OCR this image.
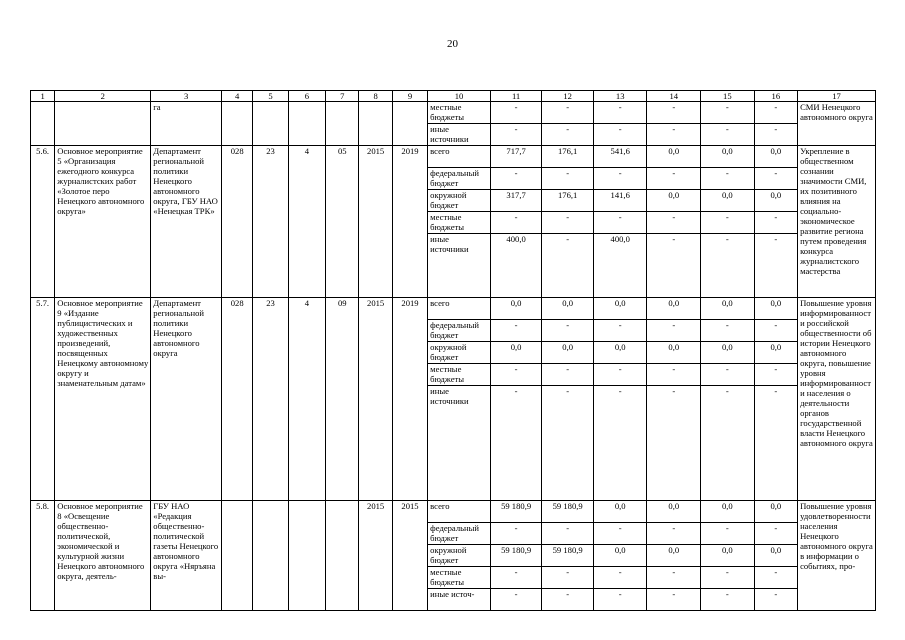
20
1	2	3	4	5	6	7	8	9	10	11	12	13	14	15	16	17
		га							местные бюджеты	-	-	-	-	-	-	СМИ Ненецкого автономного округа
									иные источники	-	-	-	-	-	-	
5.6.	Основное мероприятие 5 «Организация ежегодного конкурса журналистских работ «Золотое перо Ненецкого автономного округа»	Департамент региональной политики Ненецкого автономного округа, ГБУ НАО «Ненецкая ТРК»	028	23	4	05	2015	2019	всего	717,7	176,1	541,6	0,0	0,0	0,0	Укрепление в общественном сознании значимости СМИ, их позитивного влияния на социально-экономическое развитие региона путем проведения конкурса журналистского мастерства
									федеральный бюджет	-	-	-	-	-	-	
									окружной бюджет	317,7	176,1	141,6	0,0	0,0	0,0	
									местные бюджеты	-	-	-	-	-	-	
									иные источники	400,0	-	400,0	-	-	-	
5.7.	Основное мероприятие 9 «Издание публицистических и художественных произведений, посвященных Ненецкому автономному округу и знаменательным датам»	Департамент региональной политики Ненецкого автономного округа	028	23	4	09	2015	2019	всего	0,0	0,0	0,0	0,0	0,0	0,0	Повышение уровня информированности российской общественности об истории Ненецкого автономного округа, повышение уровня информированности населения о деятельности органов государственной власти Ненецкого автономного округа
									федеральный бюджет	-	-	-	-	-	-	
									окружной бюджет	0,0	0,0	0,0	0,0	0,0	0,0	
									местные бюджеты	-	-	-	-	-	-	
									иные источники	-	-	-	-	-	-	
5.8.	Основное мероприятие 8 «Освещение общественно-политической, экономической и культурной жизни Ненецкого автономного округа, деятель-	ГБУ НАО «Редакция общественно-политической газеты Ненецкого автономного округа «Няръяна вы-					2015	2015	всего	59 180,9	59 180,9	0,0	0,0	0,0	0,0	Повышение уровня удовлетворенности населения Ненецкого автономного округа в информации о событиях, про-
									федеральный бюджет	-	-	-	-	-	-	
									окружной бюджет	59 180,9	59 180,9	0,0	0,0	0,0	0,0	
									местные бюджеты	-	-	-	-	-	-	
									иные источ-	-	-	-	-	-	-	
